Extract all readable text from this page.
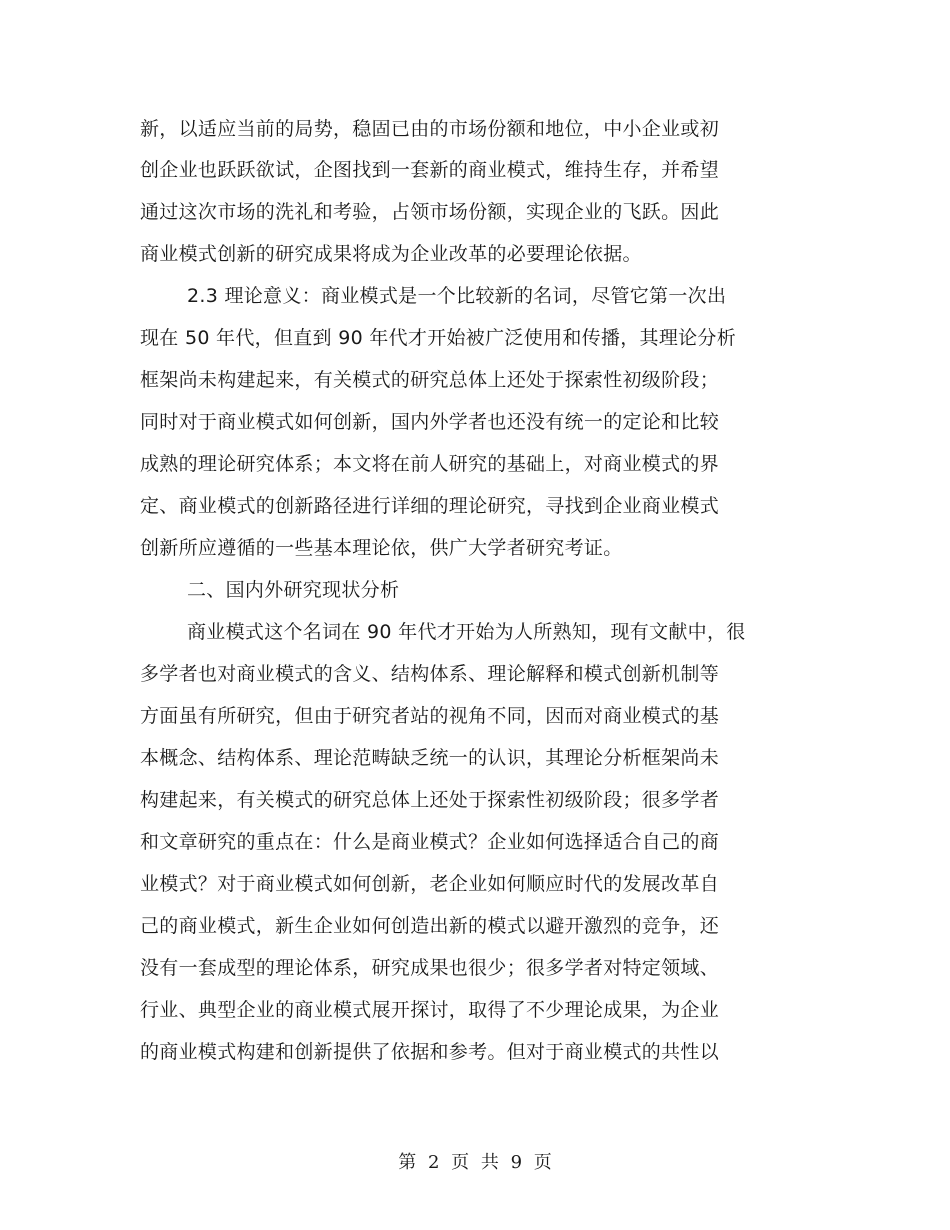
新，以适应当前的局势，稳固已由的市场份额和地位，中小企业或初
创企业也跃跃欲试，企图找到一套新的商业模式，维持生存，并希望
通过这次市场的洗礼和考验，占领市场份额，实现企业的飞跃。因此
商业模式创新的研究成果将成为企业改革的必要理论依据。
2.3 理论意义：商业模式是一个比较新的名词，尽管它第一次出
现在 50 年代，但直到 90 年代才开始被广泛使用和传播，其理论分析
框架尚未构建起来，有关模式的研究总体上还处于探索性初级阶段；
同时对于商业模式如何创新，国内外学者也还没有统一的定论和比较
成熟的理论研究体系；本文将在前人研究的基础上，对商业模式的界
定、商业模式的创新路径进行详细的理论研究，寻找到企业商业模式
创新所应遵循的一些基本理论依，供广大学者研究考证。
二、国内外研究现状分析
商业模式这个名词在 90 年代才开始为人所熟知，现有文献中，很
多学者也对商业模式的含义、结构体系、理论解释和模式创新机制等
方面虽有所研究，但由于研究者站的视角不同，因而对商业模式的基
本概念、结构体系、理论范畴缺乏统一的认识，其理论分析框架尚未
构建起来，有关模式的研究总体上还处于探索性初级阶段；很多学者
和文章研究的重点在：什么是商业模式？企业如何选择适合自己的商
业模式？对于商业模式如何创新，老企业如何顺应时代的发展改革自
己的商业模式，新生企业如何创造出新的模式以避开激烈的竞争，还
没有一套成型的理论体系，研究成果也很少；很多学者对特定领域、
行业、典型企业的商业模式展开探讨，取得了不少理论成果，为企业
的商业模式构建和创新提供了依据和参考。但对于商业模式的共性以
第 2 页 共 9 页
